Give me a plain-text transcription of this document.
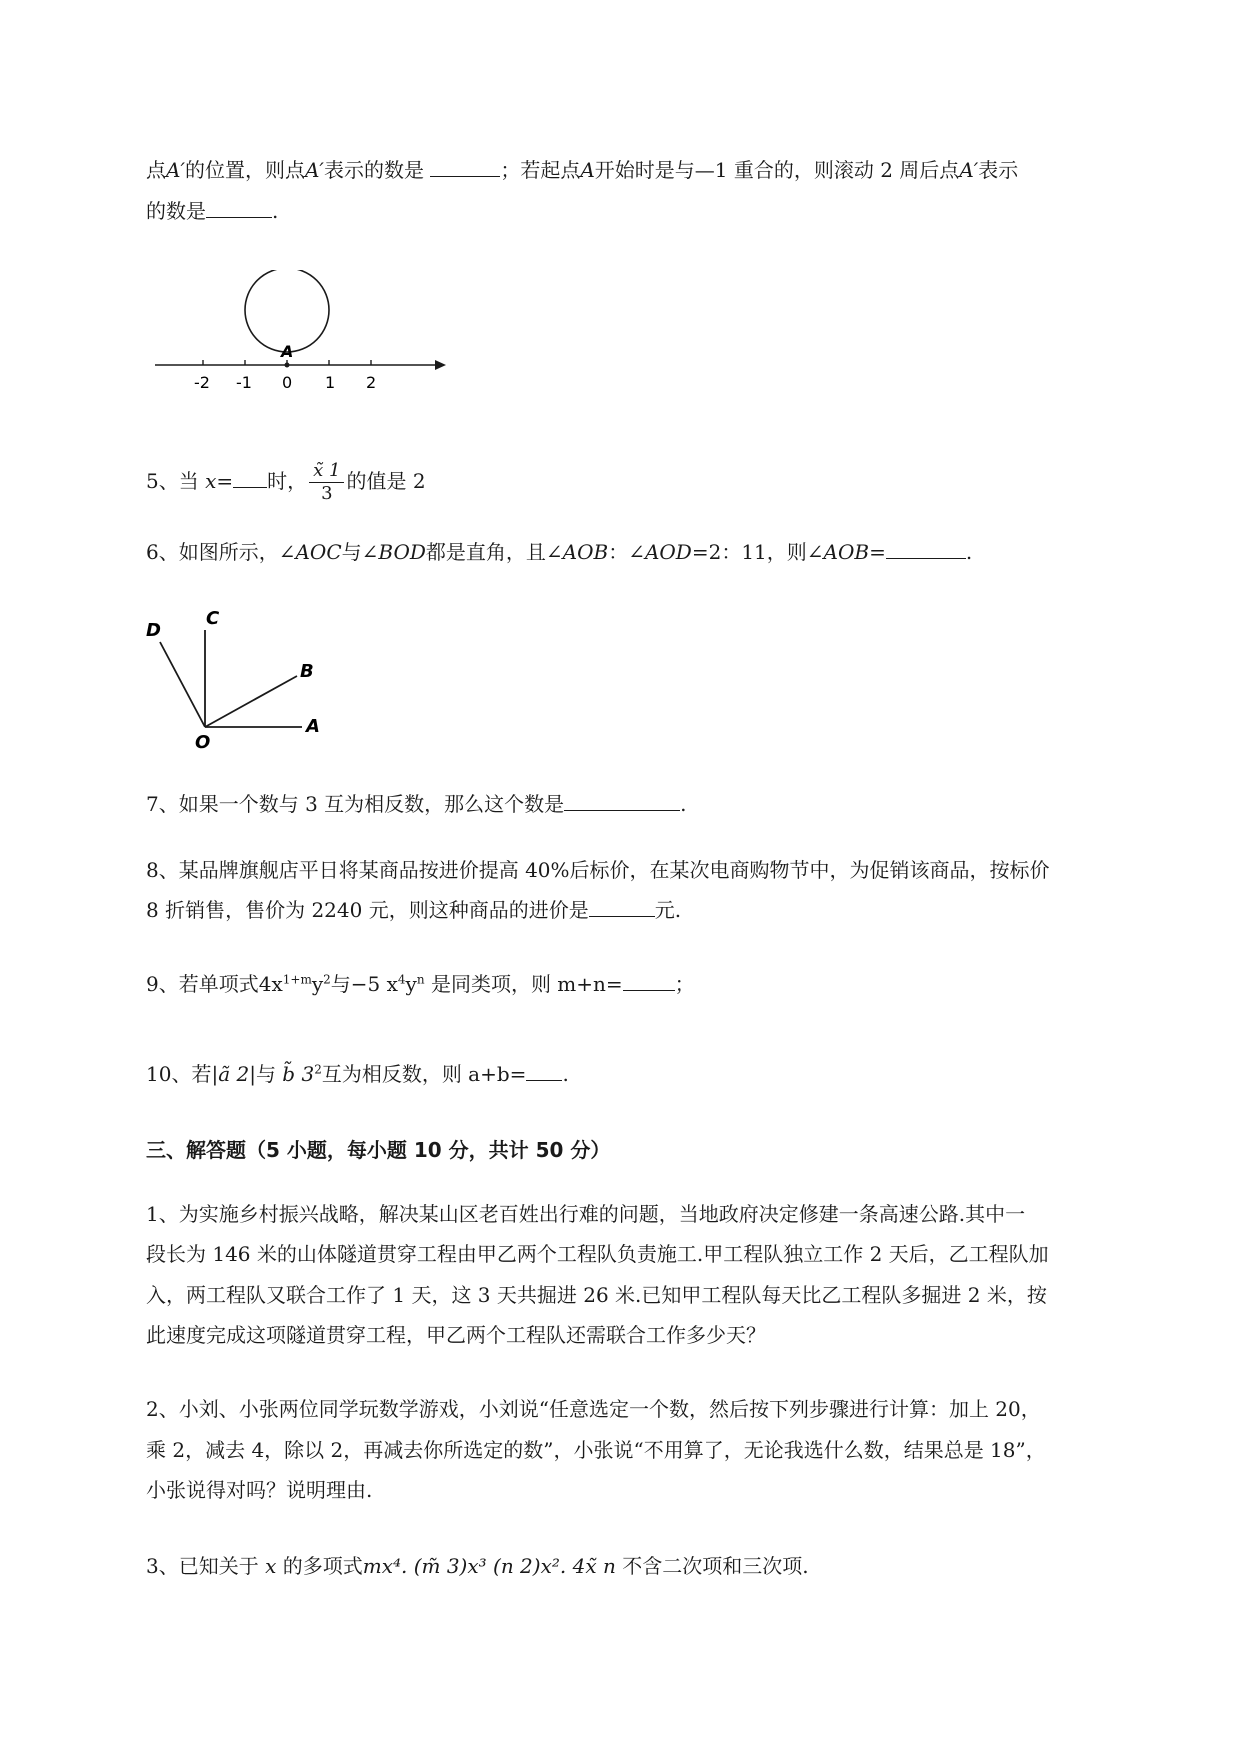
点A′的位置，则点A′表示的数是	；若起点A开始时是与—1 重合的，则滚动 2 周后点A′表示
的数是	.
A
-2 -1 0 1 2
5、当 x= 时， $\frac{x̃ 1}{3}$ 的值是 2
6、如图所示，∠AOC与∠BOD都是直角，且∠AOB：∠AOD=2：11，则∠AOB=	.
D
C
B
A
O
7、如果一个数与 3 互为相反数，那么这个数是	.
8、某品牌旗舰店平日将某商品按进价提高 40%后标价，在某次电商购物节中，为促销该商品，按标价
8 折销售，售价为 2240 元，则这种商品的进价是	元.
9、若单项式$4x^{1+m}y^2$与−5 $x^4y^n$ 是同类项，则 m+n=	；
10、若|ã 2|与 b̃ $3^2$互为相反数，则 a+b= .
三、解答题（5 小题，每小题 10 分，共计 50 分）
1、为实施乡村振兴战略，解决某山区老百姓出行难的问题，当地政府决定修建一条高速公路.其中一
段长为 146 米的山体隧道贯穿工程由甲乙两个工程队负责施工.甲工程队独立工作 2 天后，乙工程队加
入，两工程队又联合工作了 1 天，这 3 天共掘进 26 米.已知甲工程队每天比乙工程队多掘进 2 米，按
此速度完成这项隧道贯穿工程，甲乙两个工程队还需联合工作多少天？
2、小刘、小张两位同学玩数学游戏，小刘说“任意选定一个数，然后按下列步骤进行计算：加上 20，
乘 2，减去 4，除以 2，再减去你所选定的数”，小张说“不用算了，无论我选什么数，结果总是 18”，
小张说得对吗？说明理由.
3、已知关于 x 的多项式mx⁴. (m̃ 3)x³ (n 2)x². 4x̃ n 不含二次项和三次项.
